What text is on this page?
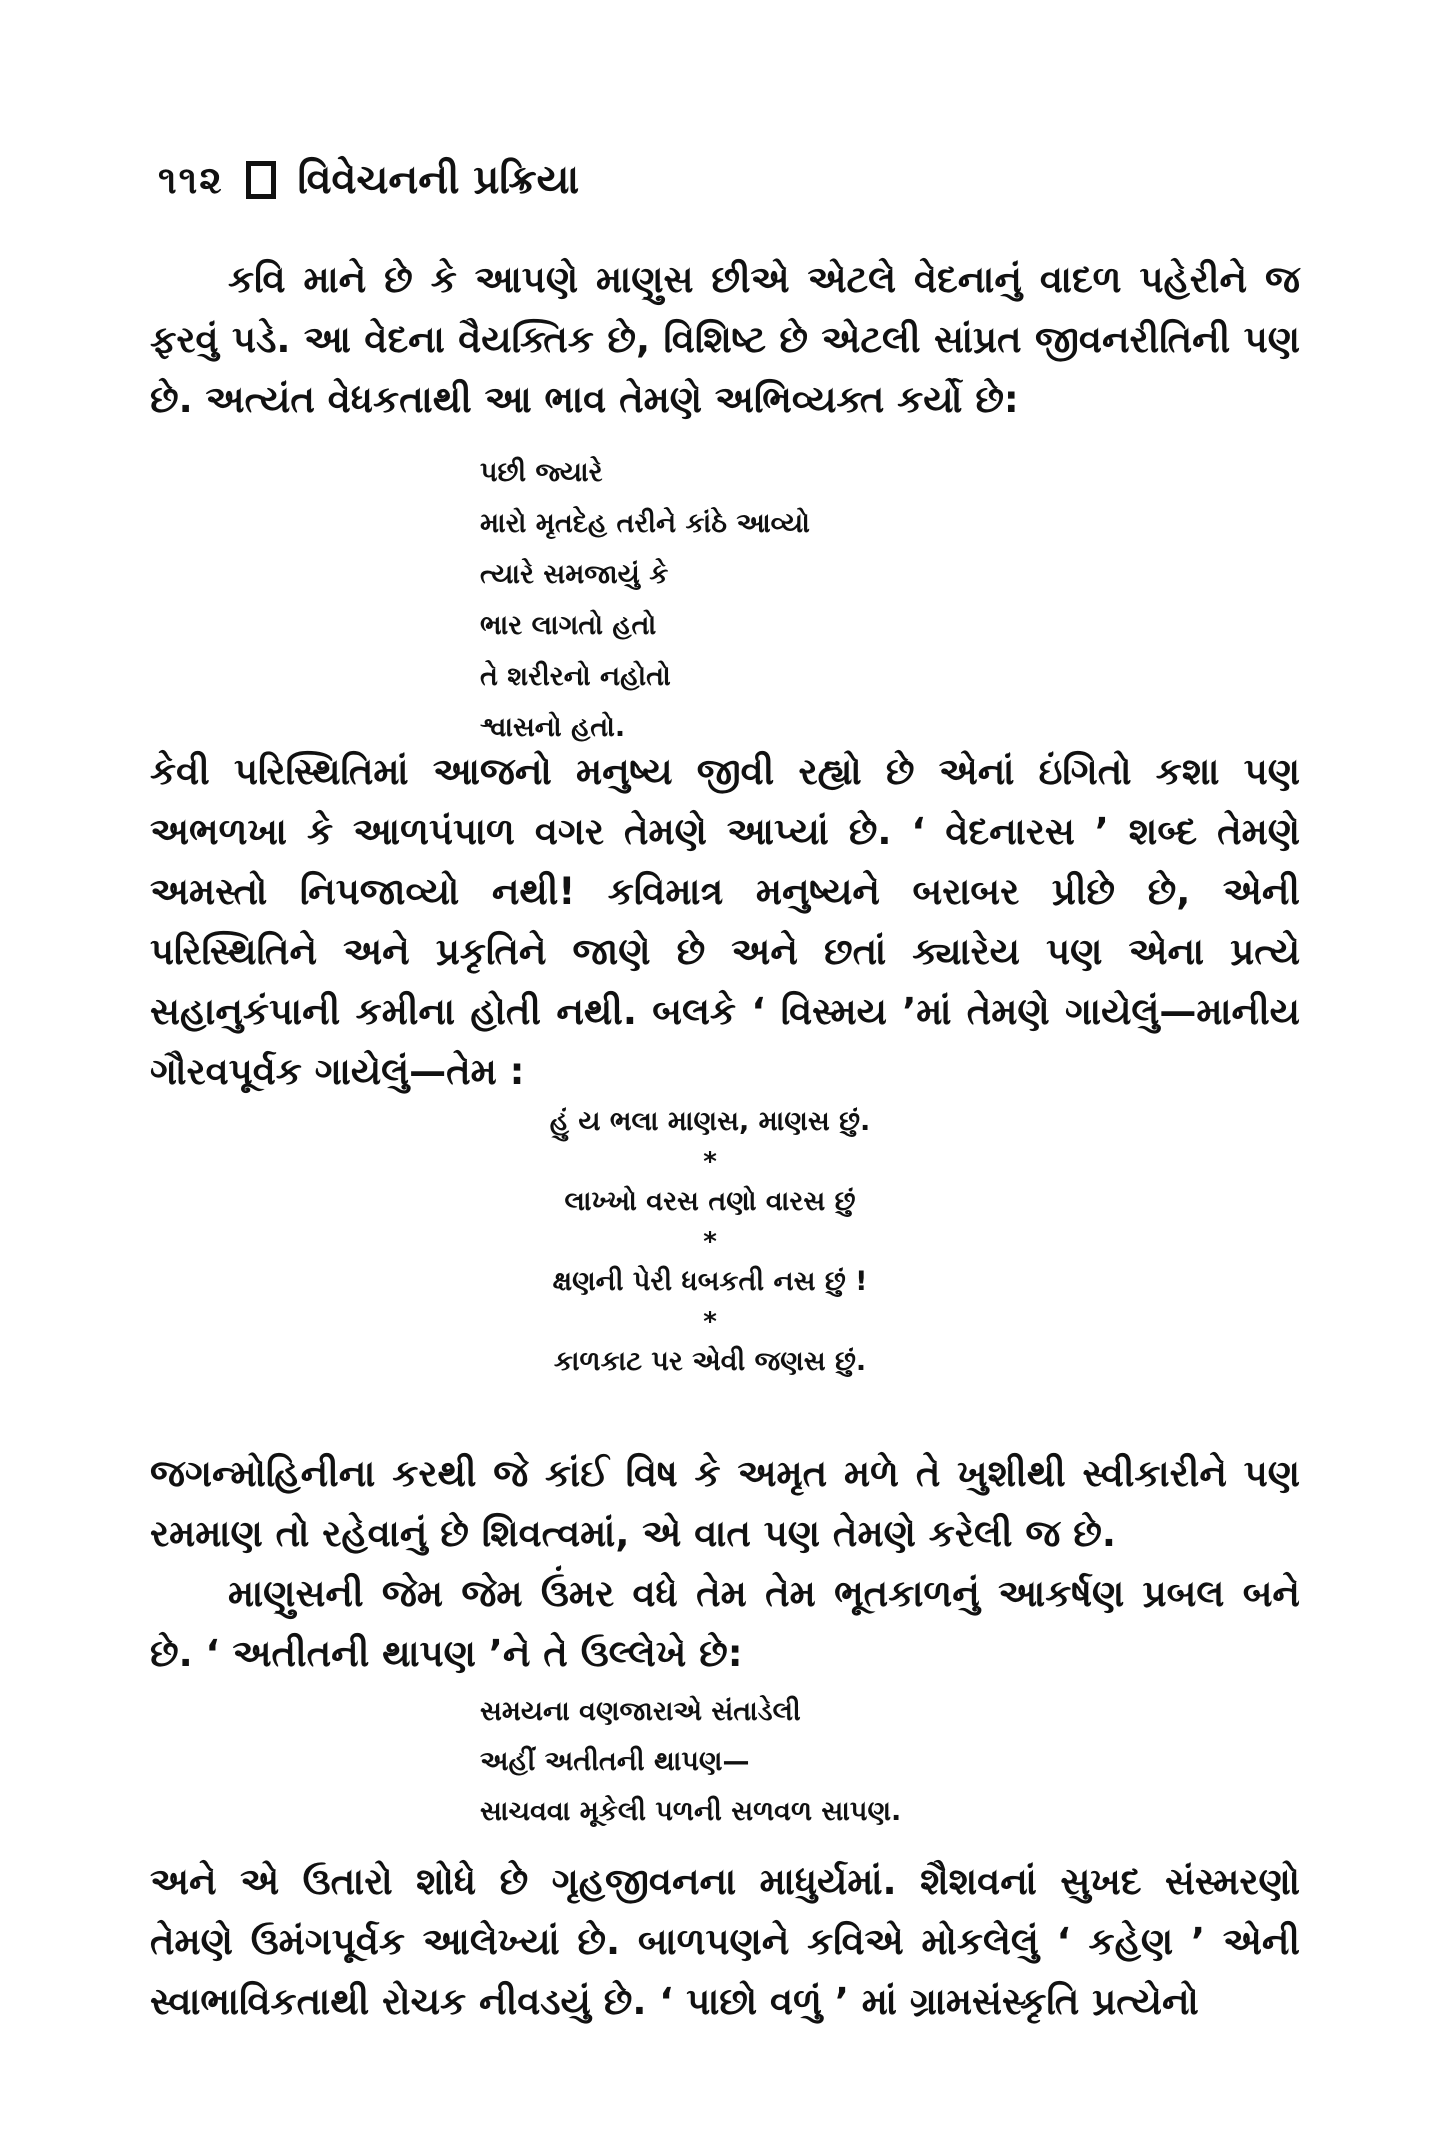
૧૧૨ વિવેચનની પ્રક્રિયા

કવિ માને છે કે આપણે માણુસ છીએ એટલે વેદનાનું વાદળ પહેરીને જ ફરવું પડે. આ વેદના વૈયક્તિક છે, વિશિષ્ટ છે એટલી સાંપ્રત જીવનરીતિની પણ છે. અત્યંત વેધકતાથી આ ભાવ તેમણે અભિવ્યક્ત કર્યો છે:

પછી જ્યારે
મારો મૃતદેહ તરીને કાંઠે આવ્યો
ત્યારે સમજાયું કે
ભાર લાગતો હતો
તે શરીરનો નહોતો
શ્વાસનો હતો.

કેવી પરિસ્થિતિમાં આજનો મનુષ્ય જીવી રહ્યો છે એનાં ઇંગિતો કશા પણ અભળખા કે આળપંપાળ વગર તેમણે આપ્યાં છે. ‘ વેદનારસ ’ શબ્દ તેમણે અમસ્તો નિપજાવ્યો નથી! કવિમાત્ર મનુષ્યને બરાબર પ્રીછે છે, એની પરિસ્થિતિને અને પ્રકૃતિને જાણે છે અને છતાં ક્યારેય પણ એના પ્રત્યે સહાનુકંપાની કમીના હોતી નથી. બલકે ‘ વિસ્મય ’માં તેમણે ગાયેલું—માનીય ગૌરવપૂર્વક ગાયેલું—તેમ :

હું ય ભલા માણસ, માણસ છું.
*
લાખ્ખો વરસ તણો વારસ છું
*
ક્ષણની પેરી ધબકતી નસ છું !
*
કાળકાટ પર એવી જણસ છું.

જગન્મોહિનીના કરથી જે કાંઈ વિષ કે અમૃત મળે તે ખુશીથી સ્વીકારીને પણ રમમાણ તો રહેવાનું છે શિવત્વમાં, એ વાત પણ તેમણે કરેલી જ છે.

માણુસની જેમ જેમ ઉંમર વધે તેમ તેમ ભૂતકાળનું આકર્ષણ પ્રબલ બને છે. ‘ અતીતની થાપણ ’ને તે ઉલ્લેખે છે:

સમયના વણજારાએ સંતાડેલી
અહીં અતીતની થાપણ—
સાચવવા મૂકેલી પળની સળવળ સાપણ.

અને એ ઉતારો શોધે છે ગૃહજીવનના માધુર્યમાં. શૈશવનાં સુખદ સંસ્મરણો તેમણે ઉમંગપૂર્વક આલેખ્યાં છે. બાળપણને કવિએ મોકલેલું ‘ કહેણ ’ એની સ્વાભાવિકતાથી રોચક નીવડયું છે. ‘ પાછો વળું ’ માં ગ્રામસંસ્કૃતિ પ્રત્યેનો
